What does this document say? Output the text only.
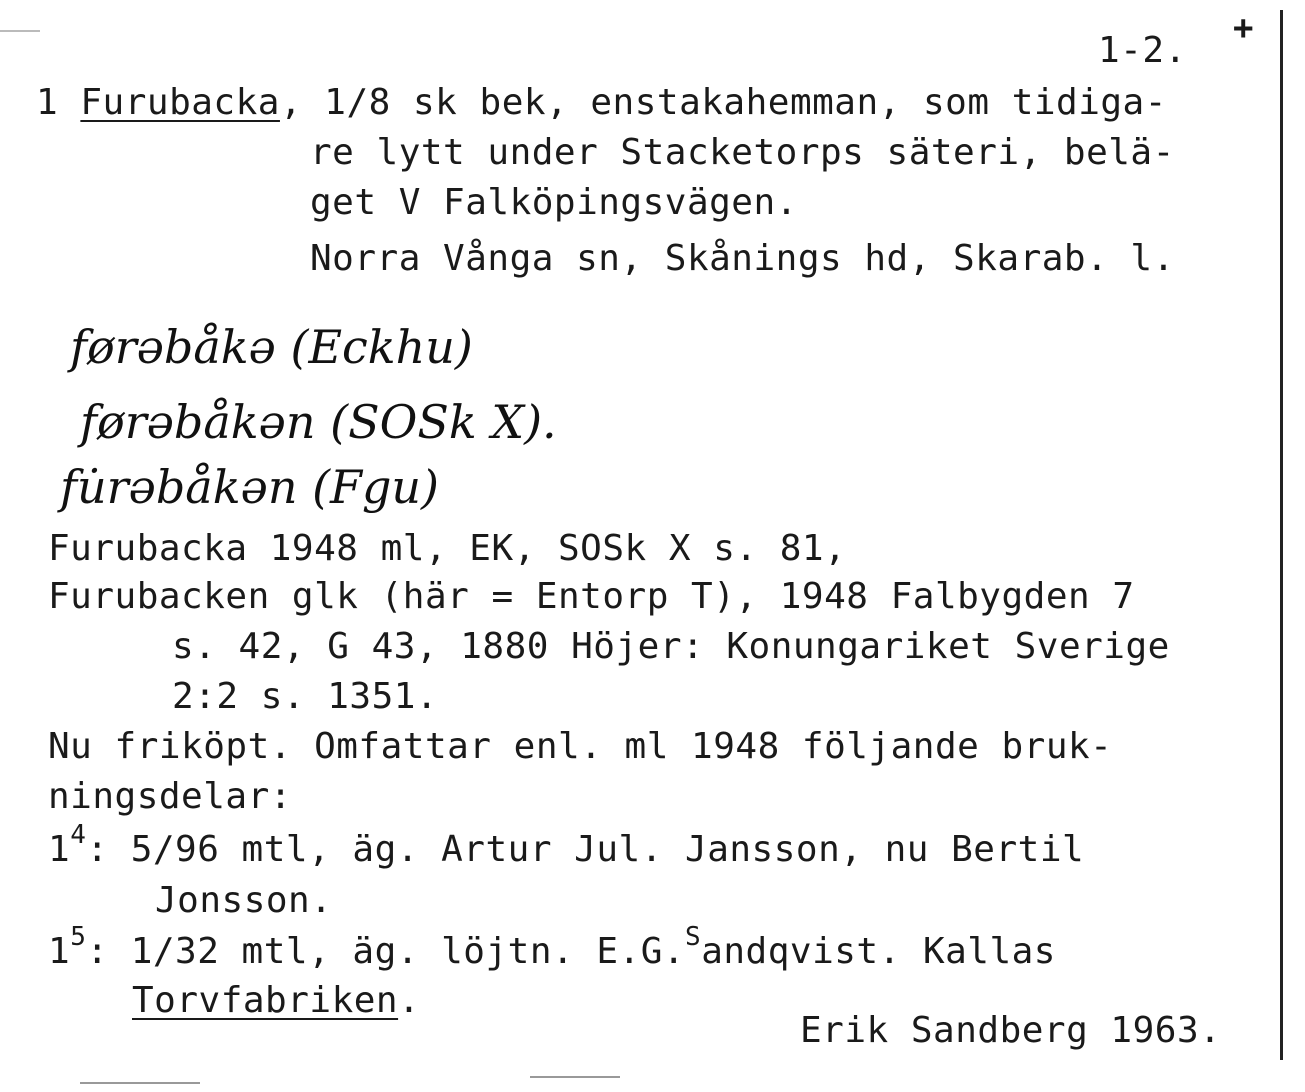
+
1-2.
1 Furubacka, 1/8 sk bek, enstakahemman, som tidiga-
re lytt under Stacketorps säteri, belä-
get V Falköpingsvägen.
Norra Vånga sn, Skånings hd, Skarab. l.
førəbåkə (Eckhu)
førəbåkən (SOSk X).
fu̇rəbåkən (Fgu)
Furubacka 1948 ml, EK, SOSk X s. 81,
Furubacken glk (här = Entorp T), 1948 Falbygden 7
s. 42, G 43, 1880 Höjer: Konungariket Sverige
2:2 s. 1351.
Nu friköpt. Omfattar enl. ml 1948 följande bruk-
ningsdelar:
$1^4$: 5/96 mtl, äg. Artur Jul. Jansson, nu Bertil
Jonsson.
$1^5$: 1/32 mtl, äg. löjtn. E.G.$^S$andqvist. Kallas
Torvfabriken.
Erik Sandberg 1963.
